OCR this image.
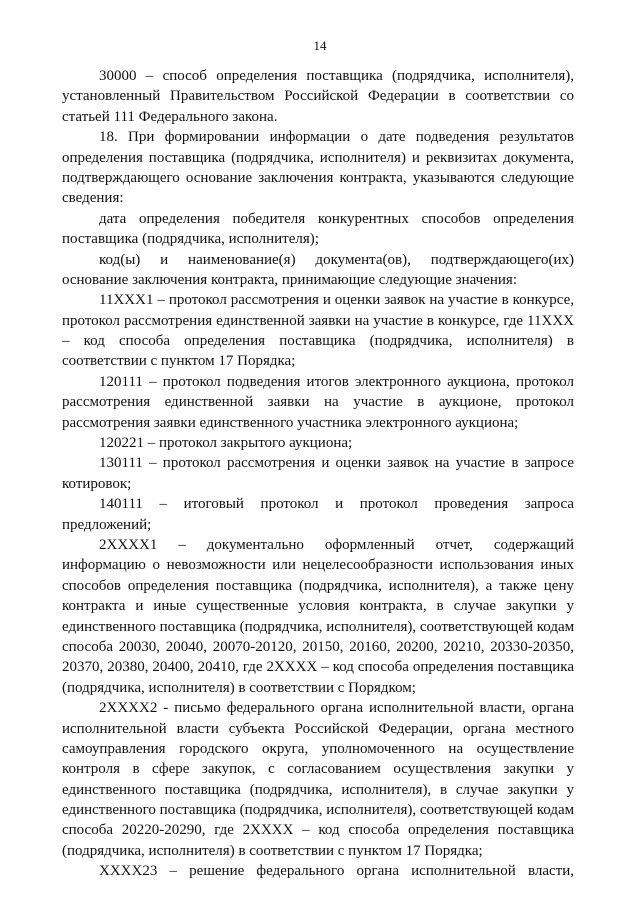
14
30000 – способ определения поставщика (подрядчика, исполнителя),
установленный Правительством Российской Федерации в соответствии со
статьей 111 Федерального закона.
18. При формировании информации о дате подведения результатов
определения поставщика (подрядчика, исполнителя) и реквизитах документа,
подтверждающего основание заключения контракта, указываются следующие
сведения:
дата определения победителя конкурентных способов определения
поставщика (подрядчика, исполнителя);
код(ы) и наименование(я) документа(ов), подтверждающего(их)
основание заключения контракта, принимающие следующие значения:
11XXX1 – протокол рассмотрения и оценки заявок на участие в конкурсе,
протокол рассмотрения единственной заявки на участие в конкурсе, где 11XXX
– код способа определения поставщика (подрядчика, исполнителя) в
соответствии с пунктом 17 Порядка;
120111 – протокол подведения итогов электронного аукциона, протокол
рассмотрения единственной заявки на участие в аукционе, протокол
рассмотрения заявки единственного участника электронного аукциона;
120221 – протокол закрытого аукциона;
130111 – протокол рассмотрения и оценки заявок на участие в запросе
котировок;
140111 – итоговый протокол и протокол проведения запроса
предложений;
2XXXX1 – документально оформленный отчет, содержащий
информацию о невозможности или нецелесообразности использования иных
способов определения поставщика (подрядчика, исполнителя), а также цену
контракта и иные существенные условия контракта, в случае закупки у
единственного поставщика (подрядчика, исполнителя), соответствующей кодам
способа 20030, 20040, 20070-20120, 20150, 20160, 20200, 20210, 20330-20350,
20370, 20380, 20400, 20410, где 2XXXX – код способа определения поставщика
(подрядчика, исполнителя) в соответствии с Порядком;
2XXXX2 - письмо федерального органа исполнительной власти, органа
исполнительной власти субъекта Российской Федерации, органа местного
самоуправления городского округа, уполномоченного на осуществление
контроля в сфере закупок, с согласованием осуществления закупки у
единственного поставщика (подрядчика, исполнителя), в случае закупки у
единственного поставщика (подрядчика, исполнителя), соответствующей кодам
способа 20220-20290, где 2XXXX – код способа определения поставщика
(подрядчика, исполнителя) в соответствии с пунктом 17 Порядка;
XXXX23 – решение федерального органа исполнительной власти,
